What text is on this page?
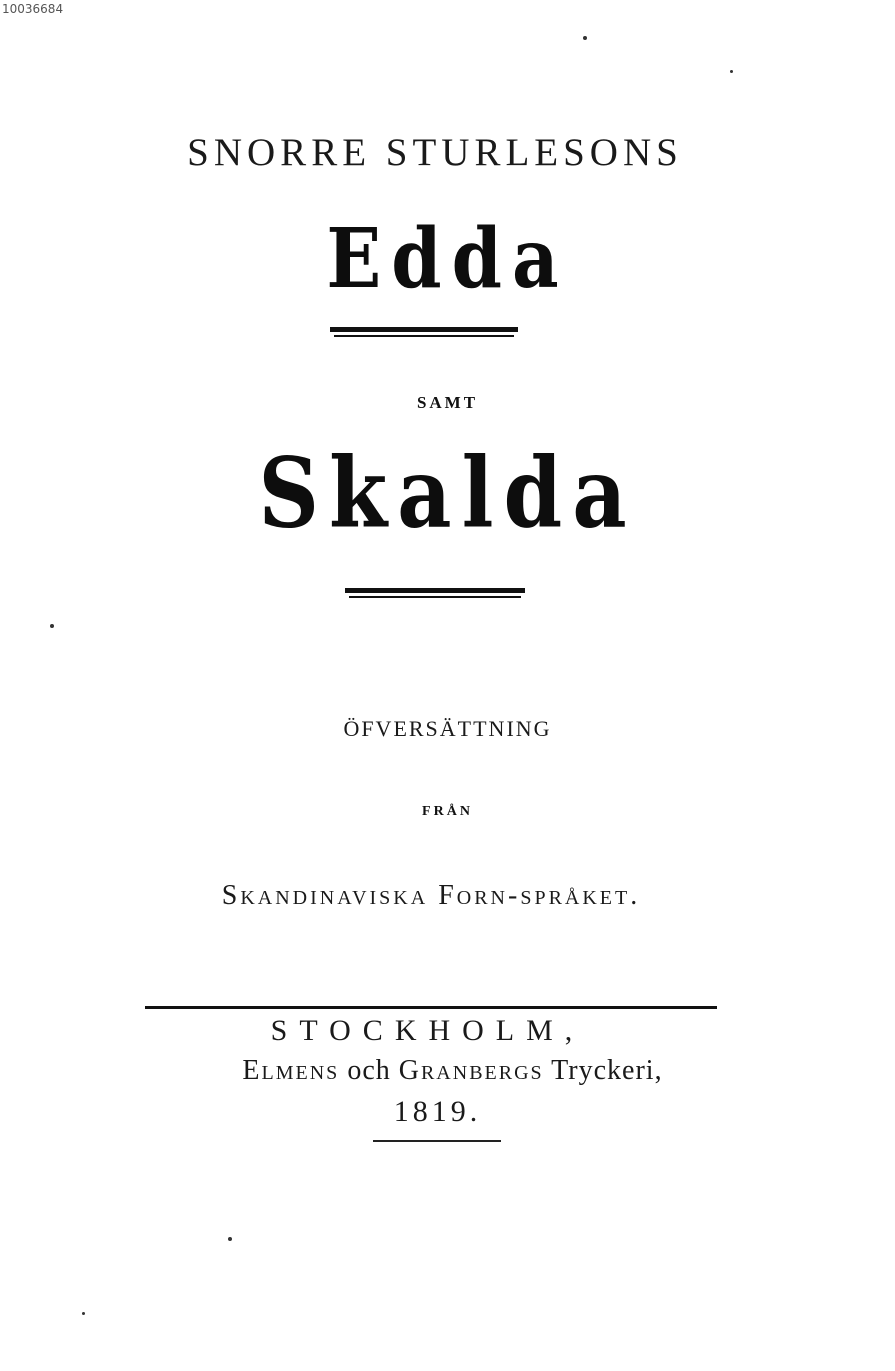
10036684
SNORRE STURLESONS
Edda
SAMT
Skalda
ÖFVERSÄTTNING
FRÅN
Skandinaviska Forn-språket.
STOCKHOLM,
Elmens och Granbergs Tryckeri,
1819.
